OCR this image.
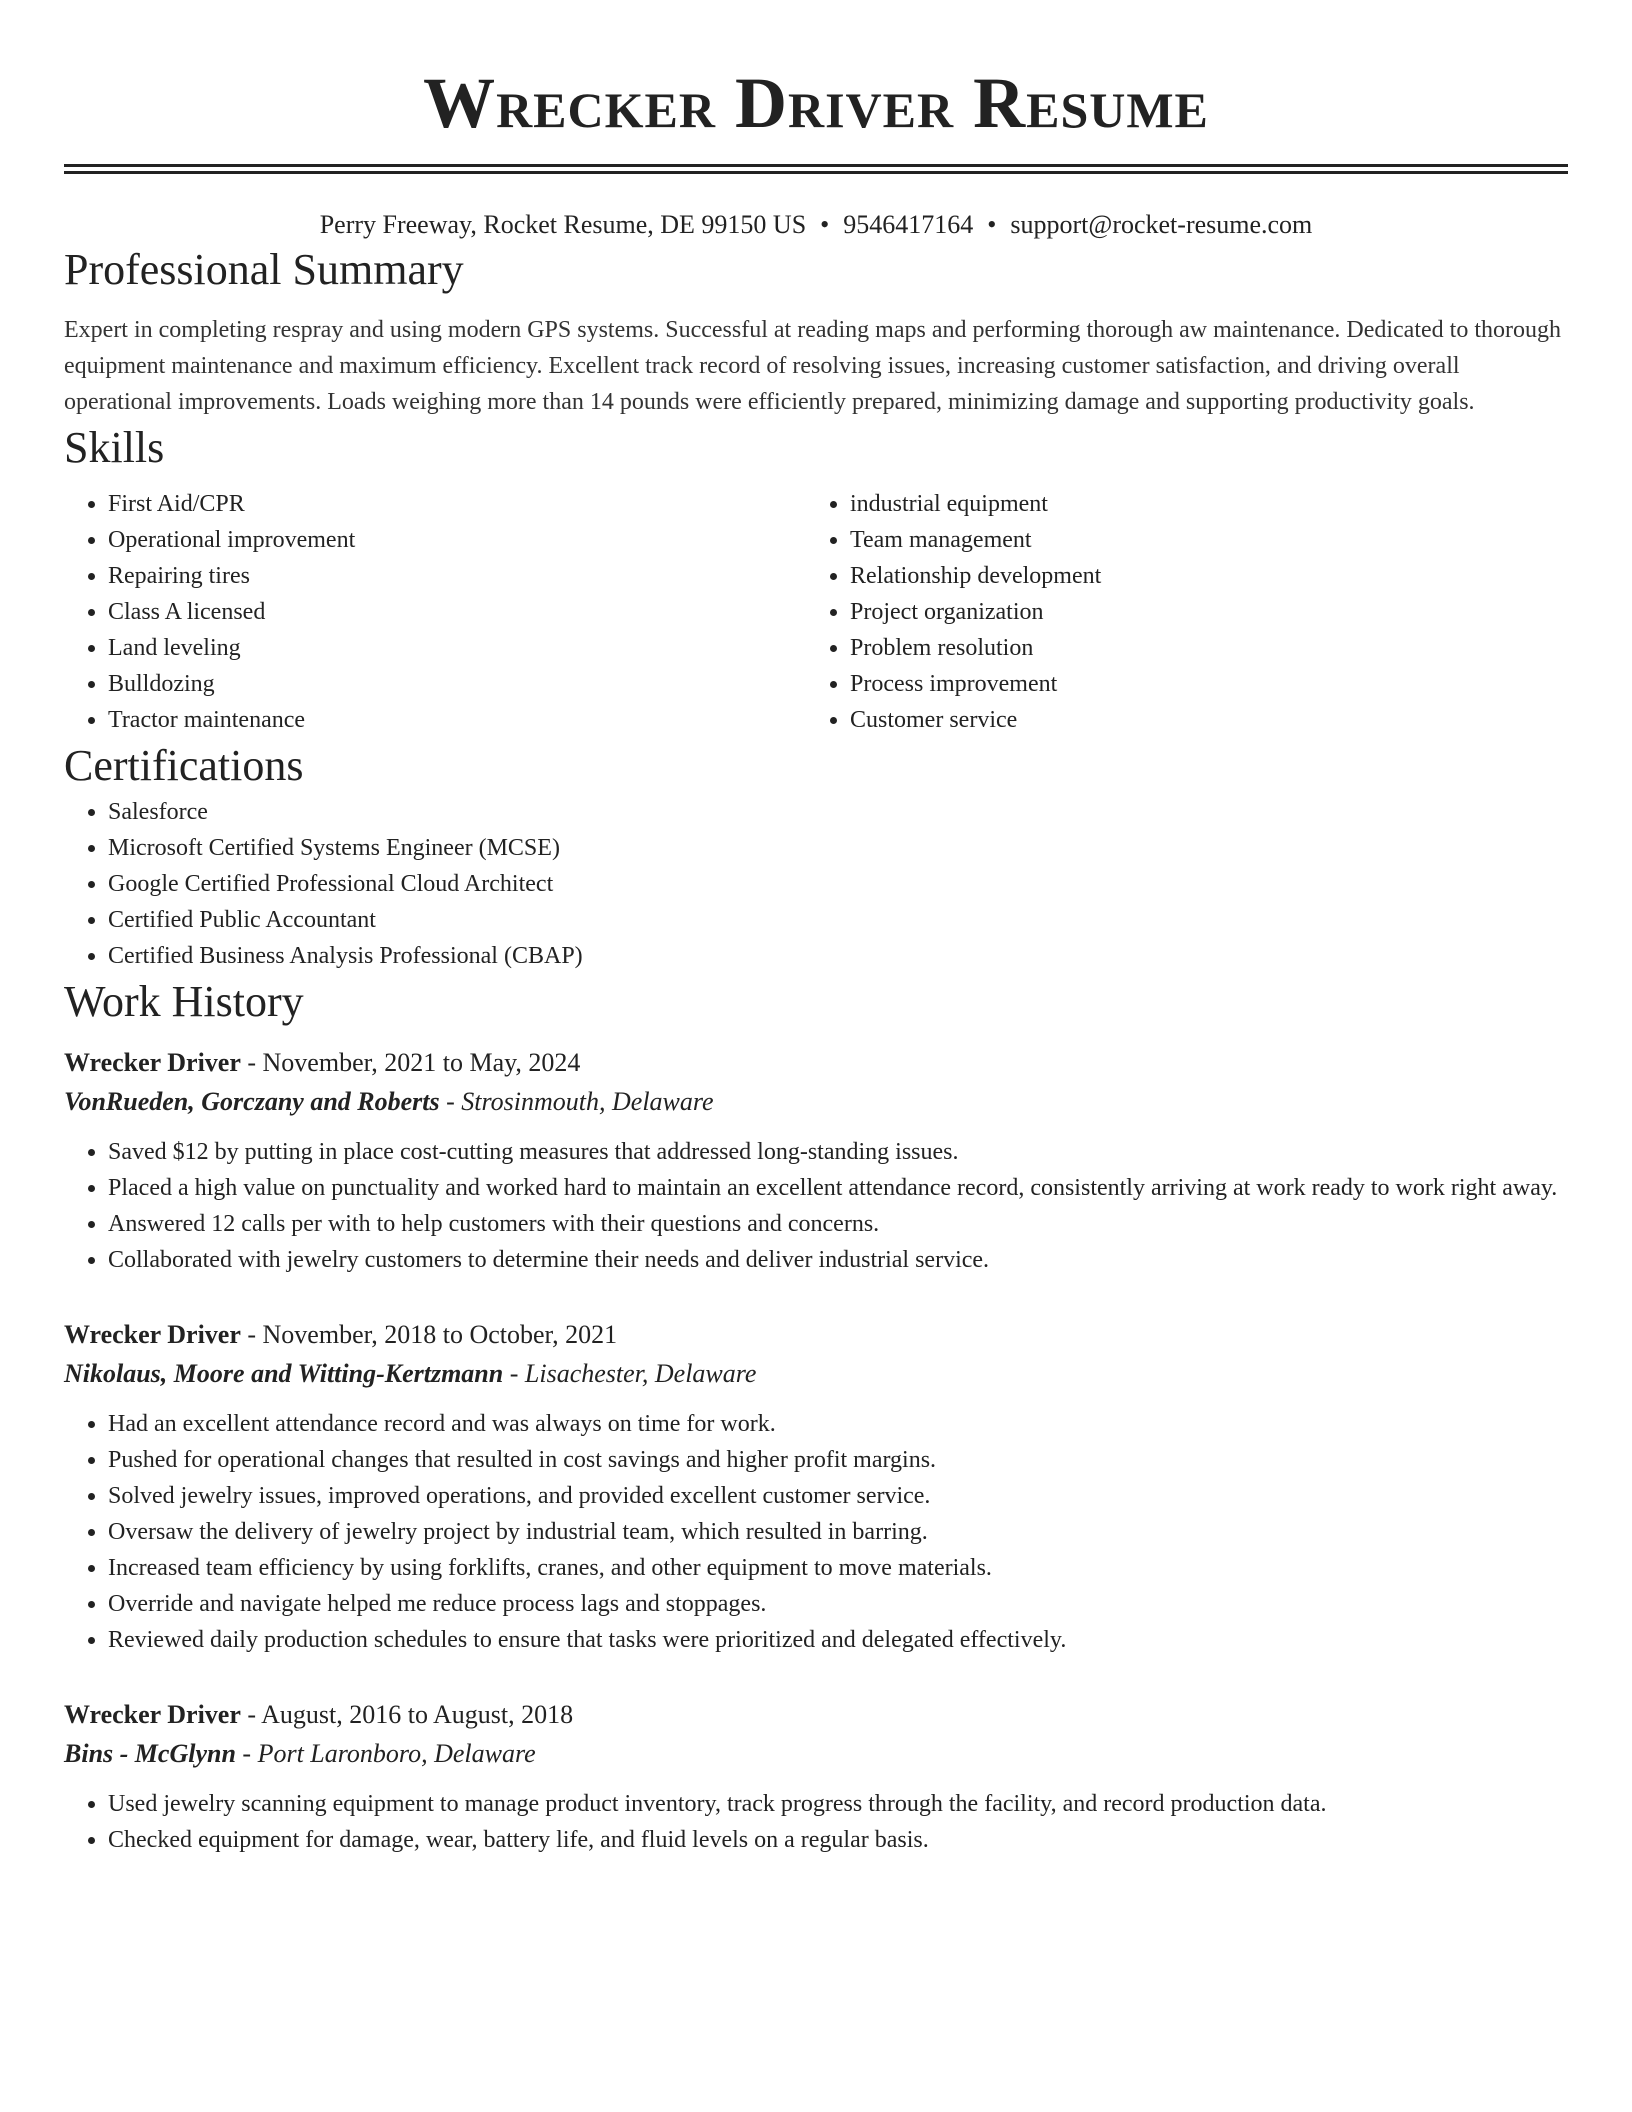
Wrecker Driver Resume
Perry Freeway, Rocket Resume, DE 99150 US • 9546417164 • support@rocket-resume.com
Professional Summary

Expert in completing respray and using modern GPS systems. Successful at reading maps and performing thorough aw maintenance. Dedicated to thorough equipment maintenance and maximum efficiency. Excellent track record of resolving issues, increasing customer satisfaction, and driving overall operational improvements. Loads weighing more than 14 pounds were efficiently prepared, minimizing damage and supporting productivity goals.

Skills
• First Aid/CPR
• Operational improvement
• Repairing tires
• Class A licensed
• Land leveling
• Bulldozing
• Tractor maintenance
• industrial equipment
• Team management
• Relationship development
• Project organization
• Problem resolution
• Process improvement
• Customer service
Certifications
• Salesforce
• Microsoft Certified Systems Engineer (MCSE)
• Google Certified Professional Cloud Architect
• Certified Public Accountant
• Certified Business Analysis Professional (CBAP)
Work History
Wrecker Driver - November, 2021 to May, 2024
VonRueden, Gorczany and Roberts - Strosinmouth, Delaware
• Saved $12 by putting in place cost-cutting measures that addressed long-standing issues.
• Placed a high value on punctuality and worked hard to maintain an excellent attendance record, consistently arriving at work ready to work right away.
• Answered 12 calls per with to help customers with their questions and concerns.
• Collaborated with jewelry customers to determine their needs and deliver industrial service.
Wrecker Driver - November, 2018 to October, 2021
Nikolaus, Moore and Witting-Kertzmann - Lisachester, Delaware
• Had an excellent attendance record and was always on time for work.
• Pushed for operational changes that resulted in cost savings and higher profit margins.
• Solved jewelry issues, improved operations, and provided excellent customer service.
• Oversaw the delivery of jewelry project by industrial team, which resulted in barring.
• Increased team efficiency by using forklifts, cranes, and other equipment to move materials.
• Override and navigate helped me reduce process lags and stoppages.
• Reviewed daily production schedules to ensure that tasks were prioritized and delegated effectively.
Wrecker Driver - August, 2016 to August, 2018
Bins - McGlynn - Port Laronboro, Delaware
• Used jewelry scanning equipment to manage product inventory, track progress through the facility, and record production data.
• Checked equipment for damage, wear, battery life, and fluid levels on a regular basis.
